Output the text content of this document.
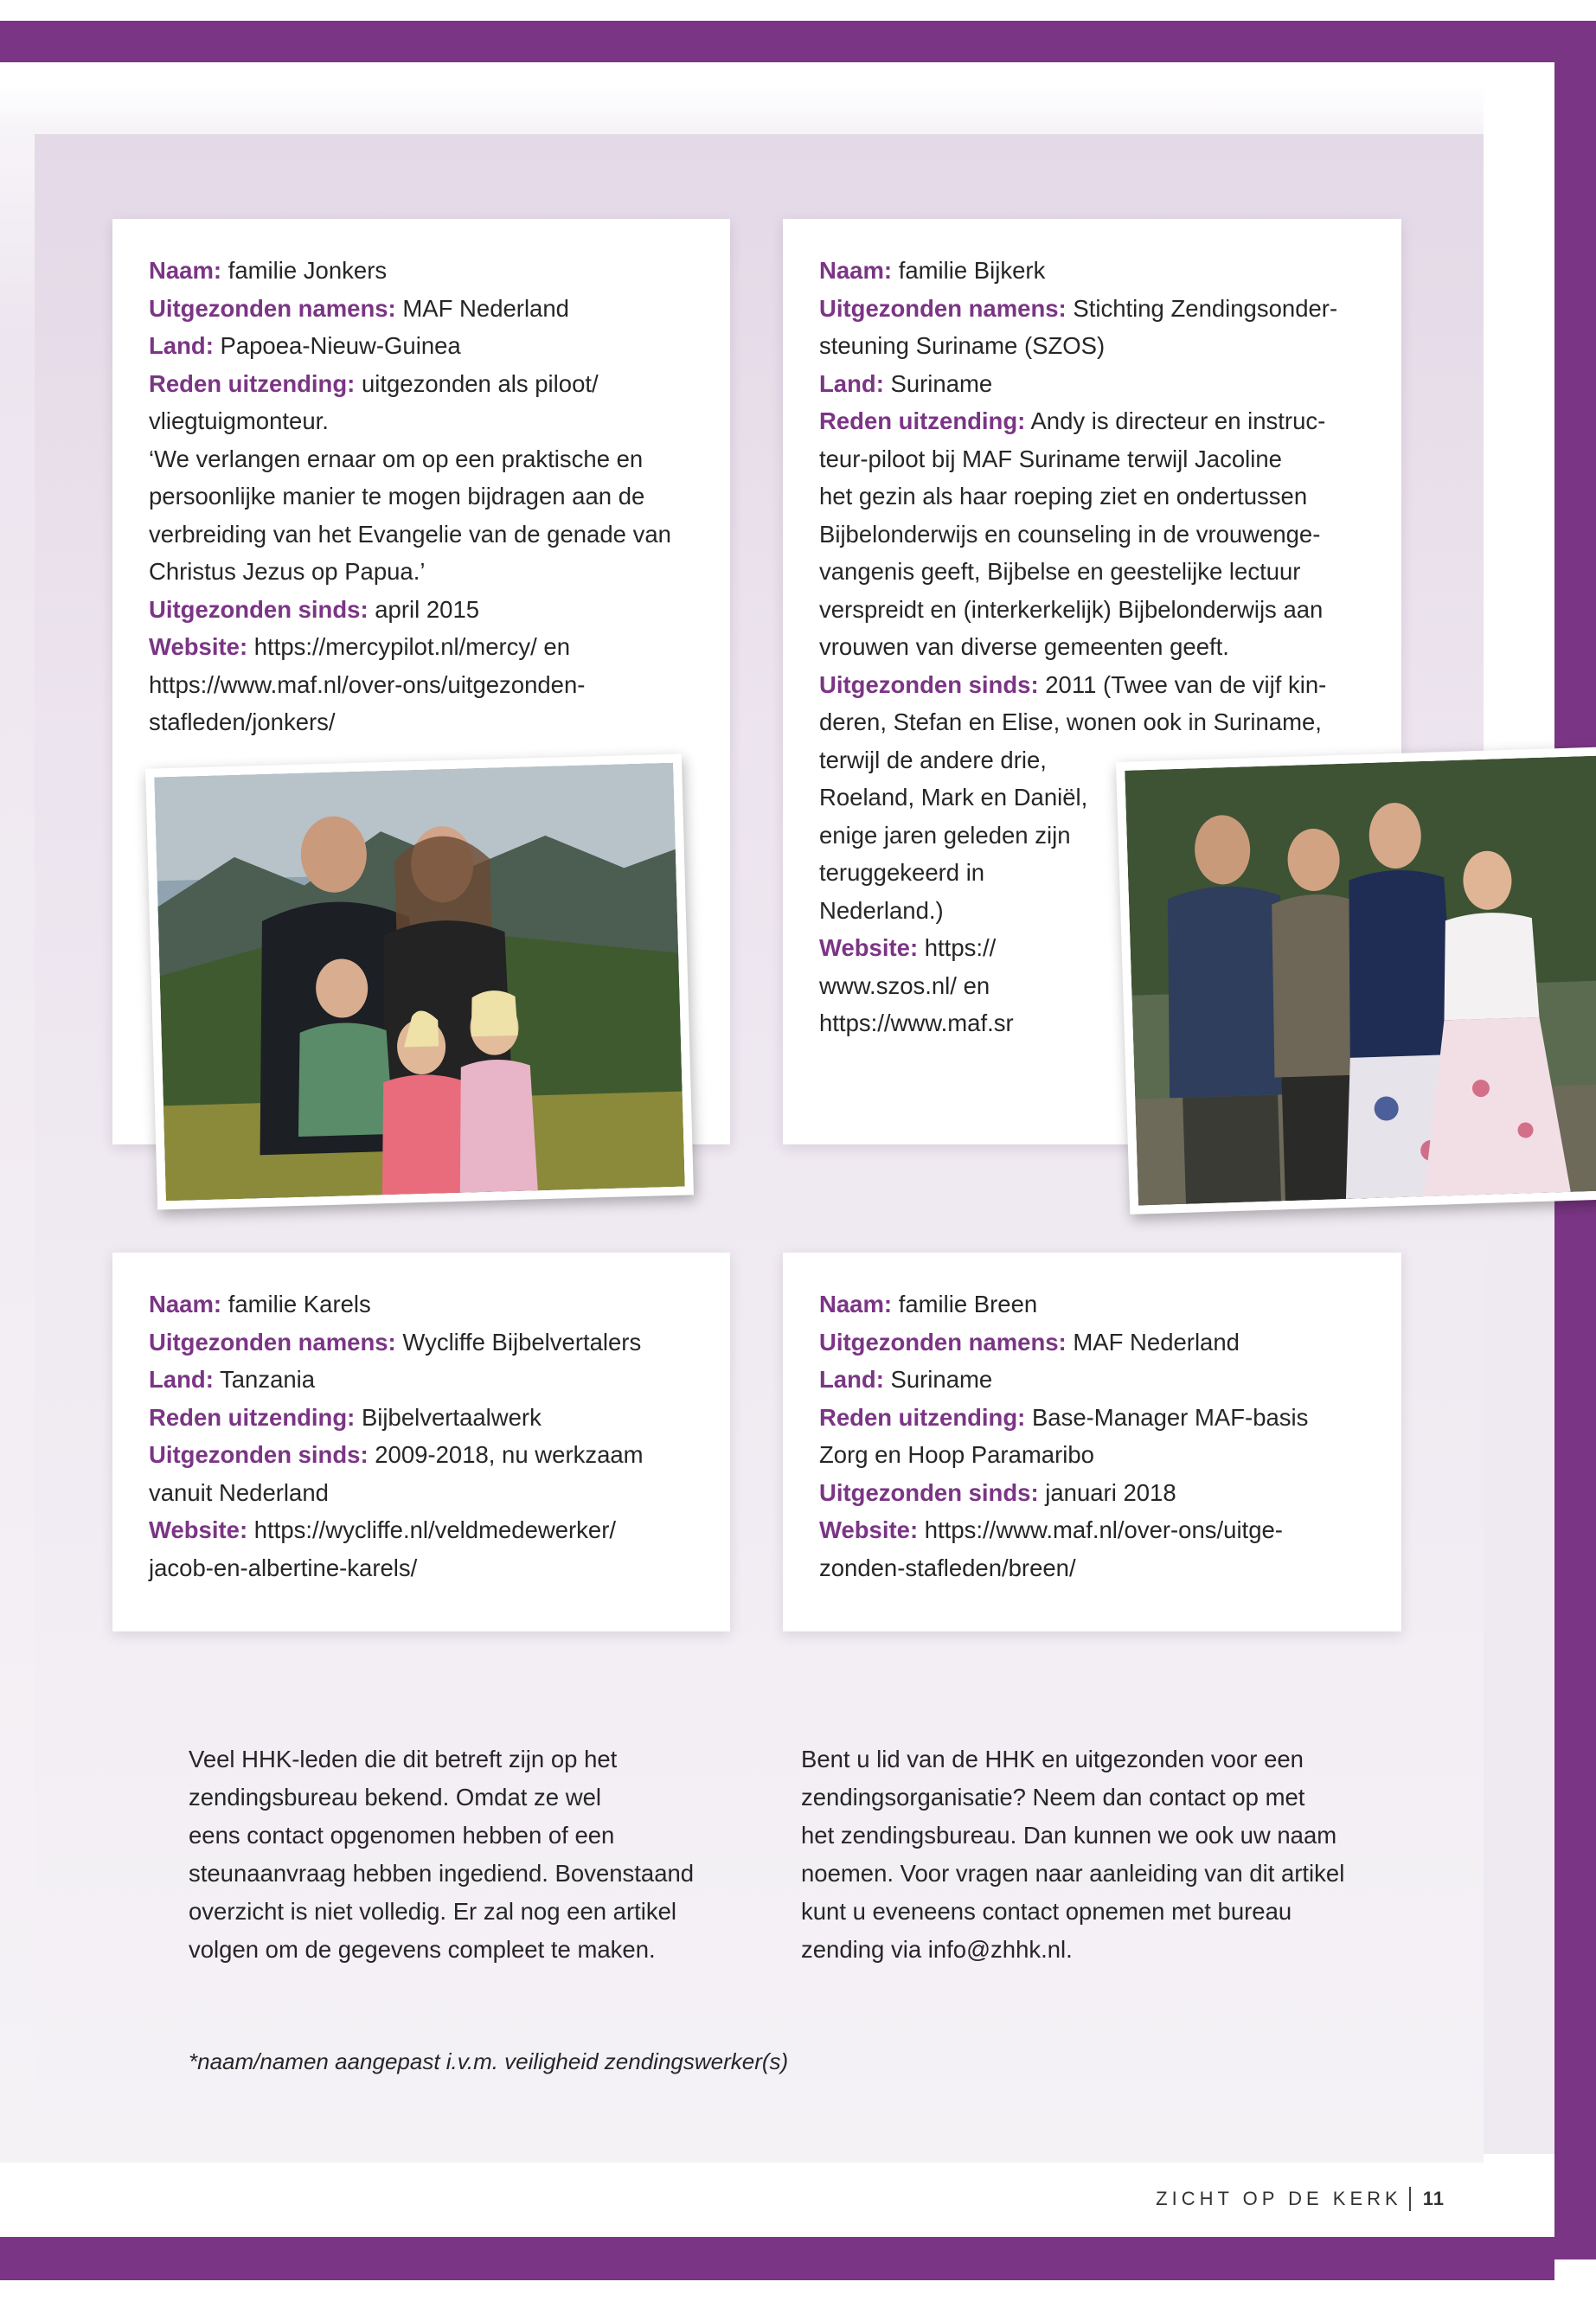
Naam: familie Jonkers

Uitgezonden namens: MAF Nederland

Land: Papoea-Nieuw-Guinea

Reden uitzending: uitgezonden als piloot/

vliegtuigmonteur.

‘We verlangen ernaar om op een praktische en

persoonlijke manier te mogen bijdragen aan de

verbreiding van het Evangelie van de genade van

Christus Jezus op Papua.’

Uitgezonden sinds: april 2015

Website: https://mercypilot.nl/mercy/ en

https://www.maf.nl/over-ons/uitgezonden-

stafleden/jonkers/

Naam: familie Bijkerk

Uitgezonden namens: Stichting Zendingsonder-

steuning Suriname (SZOS)

Land: Suriname

Reden uitzending: Andy is directeur en instruc-

teur-piloot bij MAF Suriname terwijl Jacoline

het gezin als haar roeping ziet en ondertussen

Bijbelonderwijs en counseling in de vrouwenge-

vangenis geeft, Bijbelse en geestelijke lectuur

verspreidt en (interkerkelijk) Bijbelonderwijs aan

vrouwen van diverse gemeenten geeft.

Uitgezonden sinds: 2011 (Twee van de vijf kin-

deren, Stefan en Elise, wonen ook in Suriname,

terwijl de andere drie,

Roeland, Mark en Daniël,

enige jaren geleden zijn

teruggekeerd in

Nederland.)

Website: https://

www.szos.nl/ en

https://www.maf.sr

Naam: familie Karels

Uitgezonden namens: Wycliffe Bijbelvertalers

Land: Tanzania

Reden uitzending: Bijbelvertaalwerk

Uitgezonden sinds: 2009-2018, nu werkzaam

vanuit Nederland

Website: https://wycliffe.nl/veldmedewerker/

jacob-en-albertine-karels/

Naam: familie Breen

Uitgezonden namens: MAF Nederland

Land: Suriname

Reden uitzending: Base-Manager MAF-basis

Zorg en Hoop Paramaribo

Uitgezonden sinds: januari 2018

Website: https://www.maf.nl/over-ons/uitge-

zonden-stafleden/breen/

Veel HHK-leden die dit betreft zijn op het
zendingsbureau bekend. Omdat ze wel
eens contact opgenomen hebben of een
steunaanvraag hebben ingediend. Bovenstaand
overzicht is niet volledig. Er zal nog een artikel
volgen om de gegevens compleet te maken.
Bent u lid van de HHK en uitgezonden voor een
zendingsorganisatie? Neem dan contact op met
het zendingsbureau. Dan kunnen we ook uw naam
noemen. Voor vragen naar aanleiding van dit artikel
kunt u eveneens contact opnemen met bureau
zending via info@zhhk.nl.

*naam/namen aangepast i.v.m. veiligheid zendingswerker(s)

ZICHT OP DE KERK 11
